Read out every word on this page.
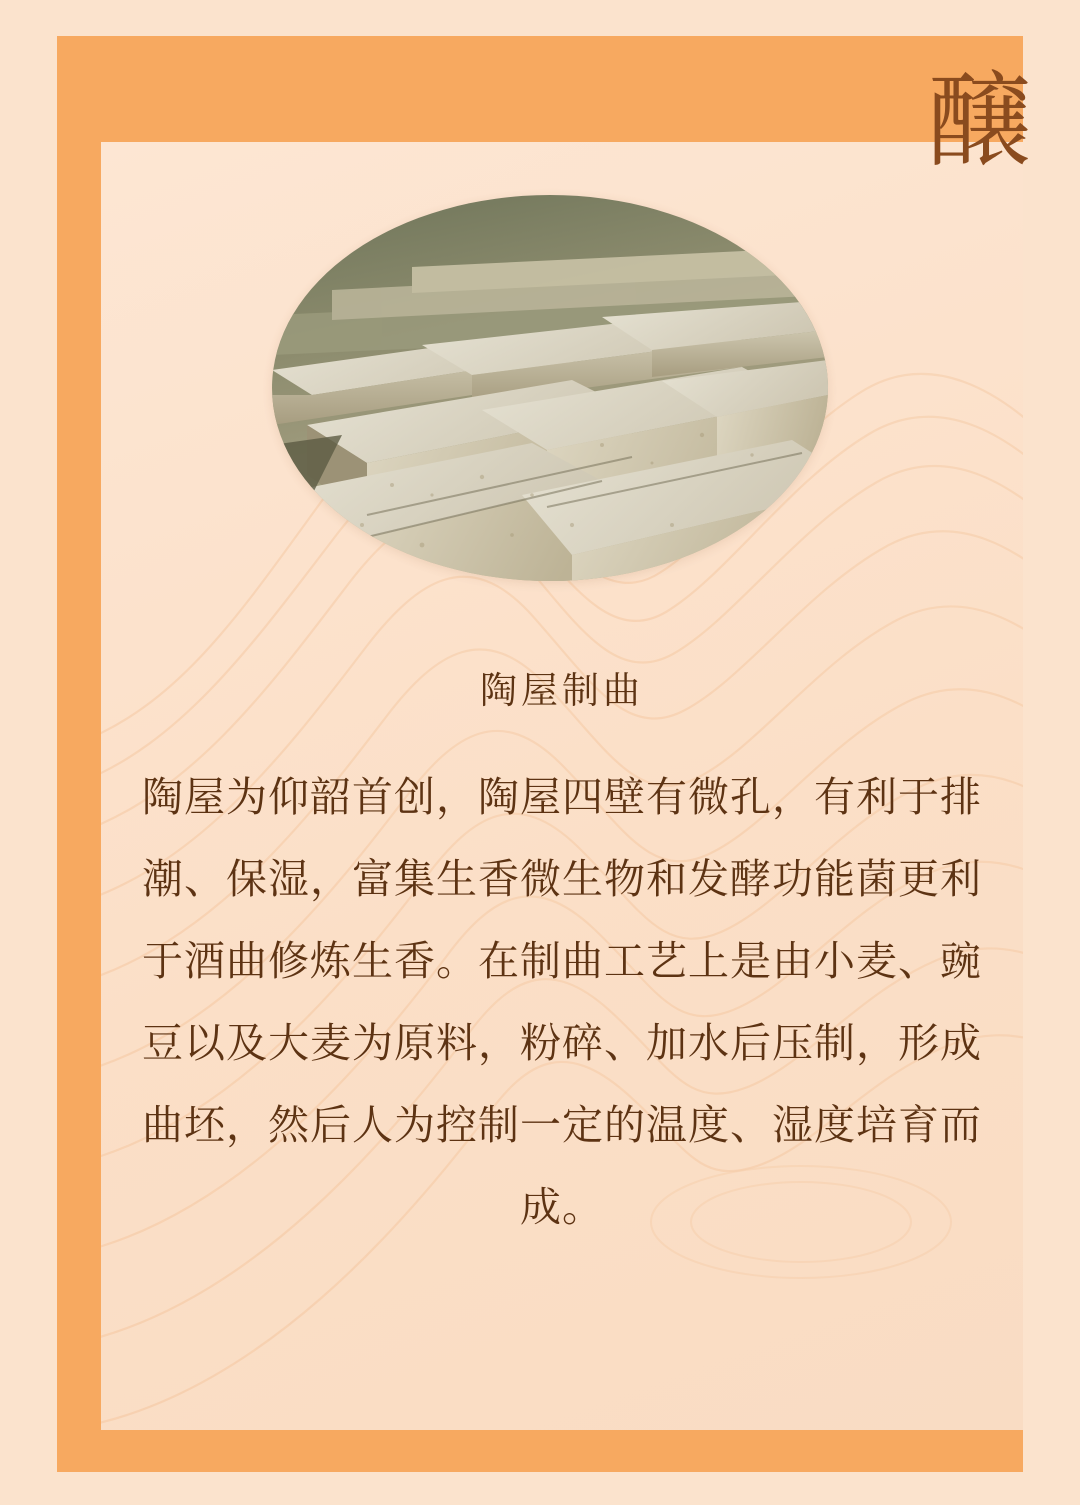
醸
陶屋制曲
陶屋为仰韶首创，陶屋四壁有微孔，有利于排潮、保湿，富集生香微生物和发酵功能菌更利于酒曲修炼生香。在制曲工艺上是由小麦、豌豆以及大麦为原料，粉碎、加水后压制，形成曲坯，然后人为控制一定的温度、湿度培育而成。
